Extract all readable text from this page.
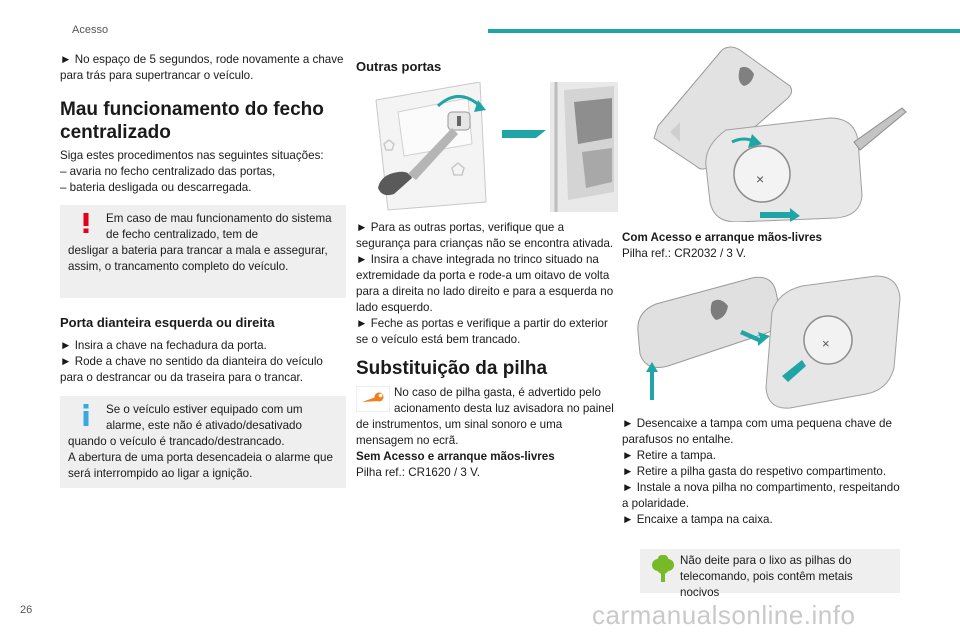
Acesso

► No espaço de 5 segundos, rode novamente a chave para trás para supertrancar o veículo.

Mau funcionamento do fecho centralizado

Siga estes procedimentos nas seguintes situações:

– avaria no fecho centralizado das portas,

– bateria desligada ou descarregada.

Em caso de mau funcionamento do sistema de fecho centralizado, tem de
desligar a bateria para trancar a mala e assegurar, assim, o trancamento completo do veículo.
Porta dianteira esquerda ou direita

► Insira a chave na fechadura da porta.

► Rode a chave no sentido da dianteira do veículo para o destrancar ou da traseira para o trancar.

Se o veículo estiver equipado com um alarme, este não é ativado/desativado
quando o veículo é trancado/destrancado.
A abertura de uma porta desencadeia o alarme que será interrompido ao ligar a ignição.
Outras portas

► Para as outras portas, verifique que a segurança para crianças não se encontra ativada.

► Insira a chave integrada no trinco situado na extremidade da porta e rode-a um oitavo de volta para a direita no lado direito e para a esquerda no lado esquerdo.

► Feche as portas e verifique a partir do exterior se o veículo está bem trancado.

Substituição da pilha

No caso de pilha gasta, é advertido pelo acionamento desta luz avisadora no painel

de instrumentos, um sinal sonoro e uma mensagem no ecrã.

Sem Acesso e arranque mãos-livres

Pilha ref.: CR1620 / 3 V.

×
Com Acesso e arranque mãos-livres

Pilha ref.: CR2032 / 3 V.

×

► Desencaixe a tampa com uma pequena chave de parafusos no entalhe.

► Retire a tampa.

► Retire a pilha gasta do respetivo compartimento.

► Instale a nova pilha no compartimento, respeitando a polaridade.

► Encaixe a tampa na caixa.

Não deite para o lixo as pilhas do
telecomando, pois contêm metais nocivos
26	carmanualsonline.info
